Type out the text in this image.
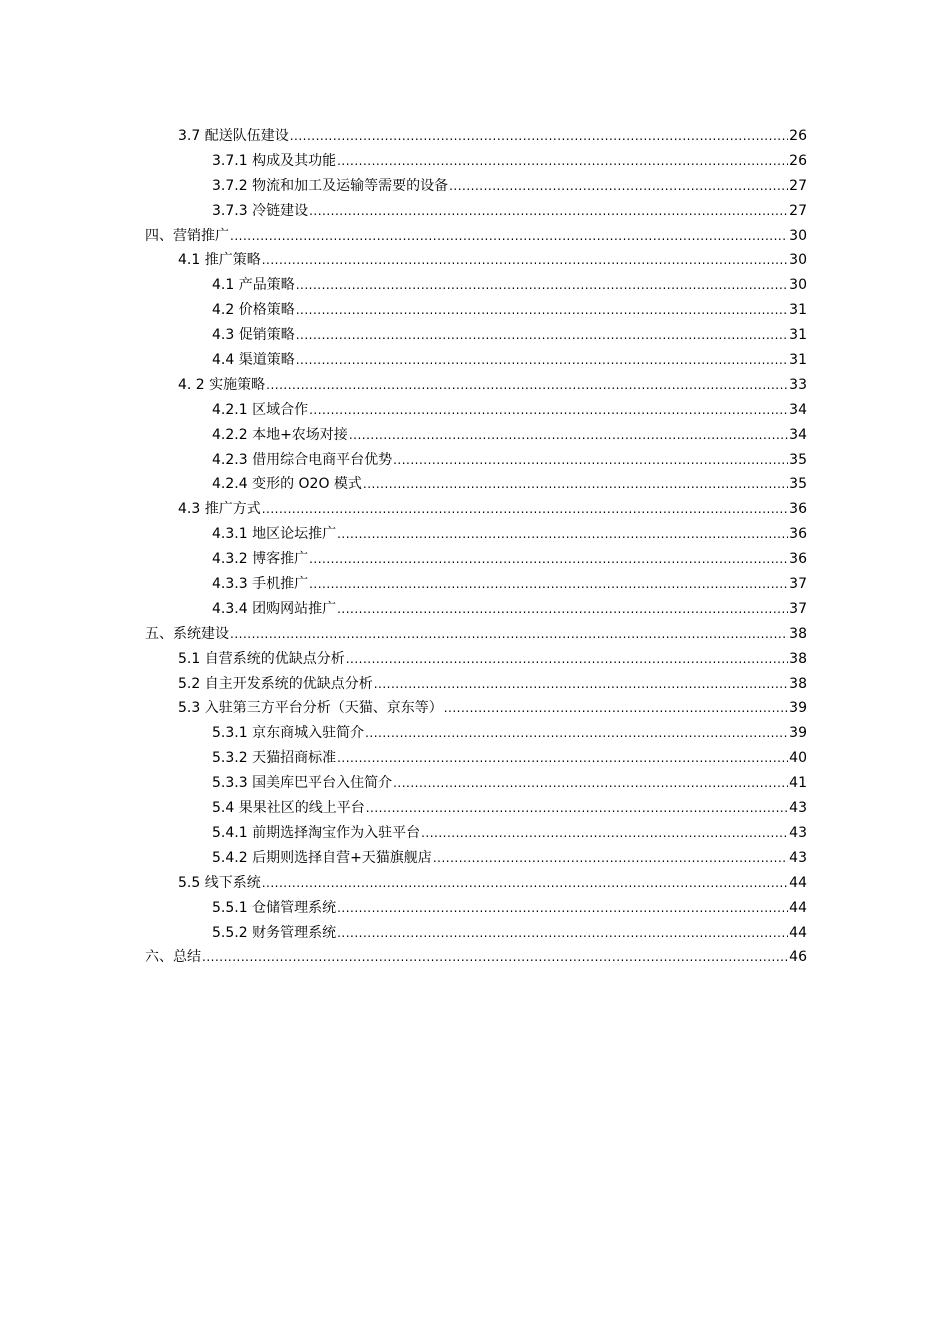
3.7 配送队伍建设 .....	26
3.7.1 构成及其功能 .....	26
3.7.2 物流和加工及运输等需要的设备 .....	27
3.7.3 冷链建设 .....	27
四、营销推广 .....	30
4.1 推广策略 .....	30
4.1 产品策略 .....	30
4.2 价格策略 .....	31
4.3 促销策略 .....	31
4.4 渠道策略 .....	31
4. 2 实施策略 .....	33
4.2.1 区域合作 .....	34
4.2.2 本地+农场对接 .....	34
4.2.3 借用综合电商平台优势 .....	35
4.2.4 变形的 O2O 模式 .....	35
4.3 推广方式 .....	36
4.3.1 地区论坛推广 .....	36
4.3.2 博客推广 .....	36
4.3.3 手机推广 .....	37
4.3.4 团购网站推广 .....	37
五、系统建设 .....	38
5.1 自营系统的优缺点分析 .....	38
5.2 自主开发系统的优缺点分析 .....	38
5.3 入驻第三方平台分析（天猫、京东等） .....	39
5.3.1 京东商城入驻简介 .....	39
5.3.2 天猫招商标准 .....	40
5.3.3 国美库巴平台入住简介 .....	41
5.4 果果社区的线上平台 .....	43
5.4.1 前期选择淘宝作为入驻平台 .....	43
5.4.2 后期则选择自营+天猫旗舰店 .....	43
5.5 线下系统 .....	44
5.5.1 仓储管理系统 .....	44
5.5.2 财务管理系统 .....	44
六、总结 .....	46
